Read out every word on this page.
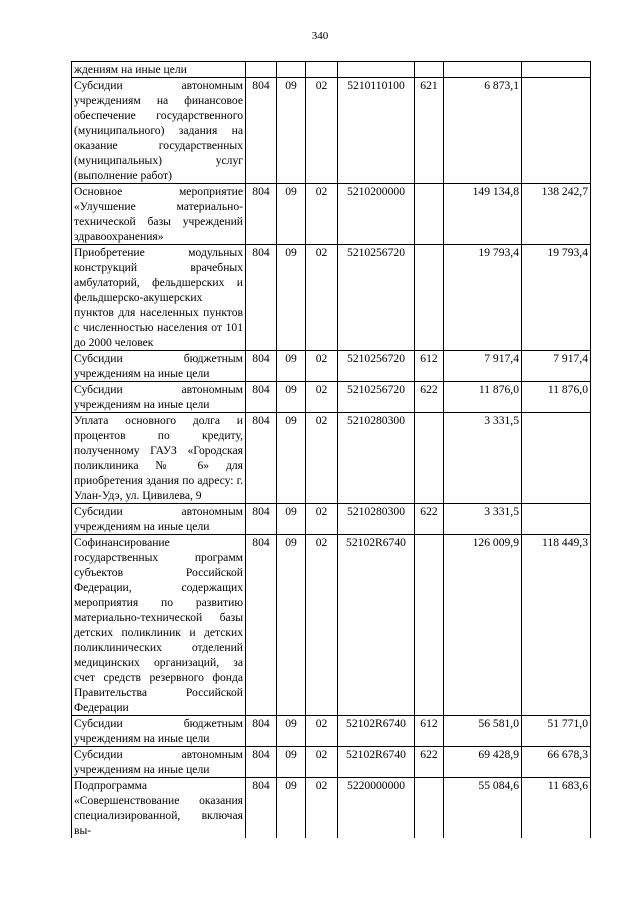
340
ждениям на иные цели							
Субсидии автономным учреждениям на финансовое обеспечение государственного (муниципального) задания на оказание государственных (муниципальных) услуг (выполнение работ)	804	09	02	5210110100	621	6 873,1	
Основное мероприятие «Улучшение материально-технической базы учреждений здравоохранения»	804	09	02	5210200000		149 134,8	138 242,7
Приобретение модульных конструкций врачебных амбулаторий, фельдшерских и фельдшерско-акушерских пунктов для населенных пунктов с численностью населения от 101 до 2000 человек	804	09	02	5210256720		19 793,4	19 793,4
Субсидии бюджетным учреждениям на иные цели	804	09	02	5210256720	612	7 917,4	7 917,4
Субсидии автономным учреждениям на иные цели	804	09	02	5210256720	622	11 876,0	11 876,0
Уплата основного долга и процентов по кредиту, полученному ГАУЗ «Городская поликлиника № 6» для приобретения здания по адресу: г. Улан-Удэ, ул. Цивилева, 9	804	09	02	5210280300		3 331,5	
Субсидии автономным учреждениям на иные цели	804	09	02	5210280300	622	3 331,5	
Софинансирование государственных программ субъектов Российской Федерации, содержащих мероприятия по развитию материально-технической базы детских поликлиник и детских поликлинических отделений медицинских организаций, за счет средств резервного фонда Правительства Российской Федерации	804	09	02	52102R6740		126 009,9	118 449,3
Субсидии бюджетным учреждениям на иные цели	804	09	02	52102R6740	612	56 581,0	51 771,0
Субсидии автономным учреждениям на иные цели	804	09	02	52102R6740	622	69 428,9	66 678,3
Подпрограмма «Совершенствование оказания специализированной, включая вы-	804	09	02	5220000000		55 084,6	11 683,6
